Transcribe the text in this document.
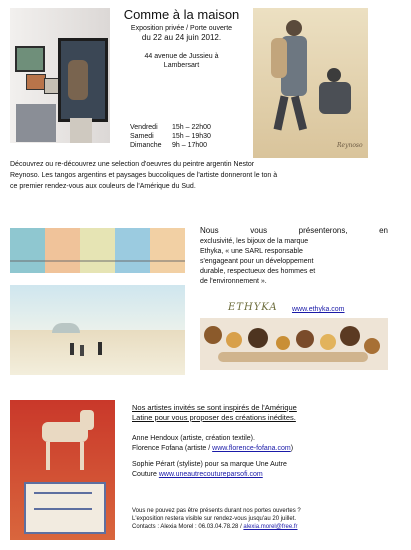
Reynoso
Comme à la maison
Exposition privée / Porte ouverte
du 22 au 24 juin 2012.
44 avenue de Jussieu à
Lambersart
Vendredi	15h – 22h00
Samedi	15h – 19h30
Dimanche	9h – 17h00
Découvrez ou re-découvrez une selection d'oeuvres du peintre argentin Nestor
Reynoso. Les tangos argentins et paysages buccoliques de l'artiste donneront le ton à
ce premier rendez-vous aux couleurs de l'Amérique du Sud.
Nous vous présenterons, en
exclusivité, les bijoux de la marque
Ethyka, « une SARL responsable
s'engageant pour un développement
durable, respectueux des hommes et
de l'environnement ».
ETHYKA www.ethyka.com
Nos artistes invités se sont inspirés de l'Amérique
Latine pour vous proposer des créations inédites.
Anne Hendoux (artiste, création textile).
Florence Fofana (artiste / www.florence-fofana.com)
Sophie Pérart (styliste) pour sa marque Une Autre
Couture www.uneautrecoutureparsofi.com
Vous ne pouvez pas être présents durant nos portes ouvertes ?
L'exposition restera visible sur rendez-vous jusqu'au 20 juillet.
Contacts : Alexia Morel : 06.03.04.78.28 / alexia.morel@free.fr
